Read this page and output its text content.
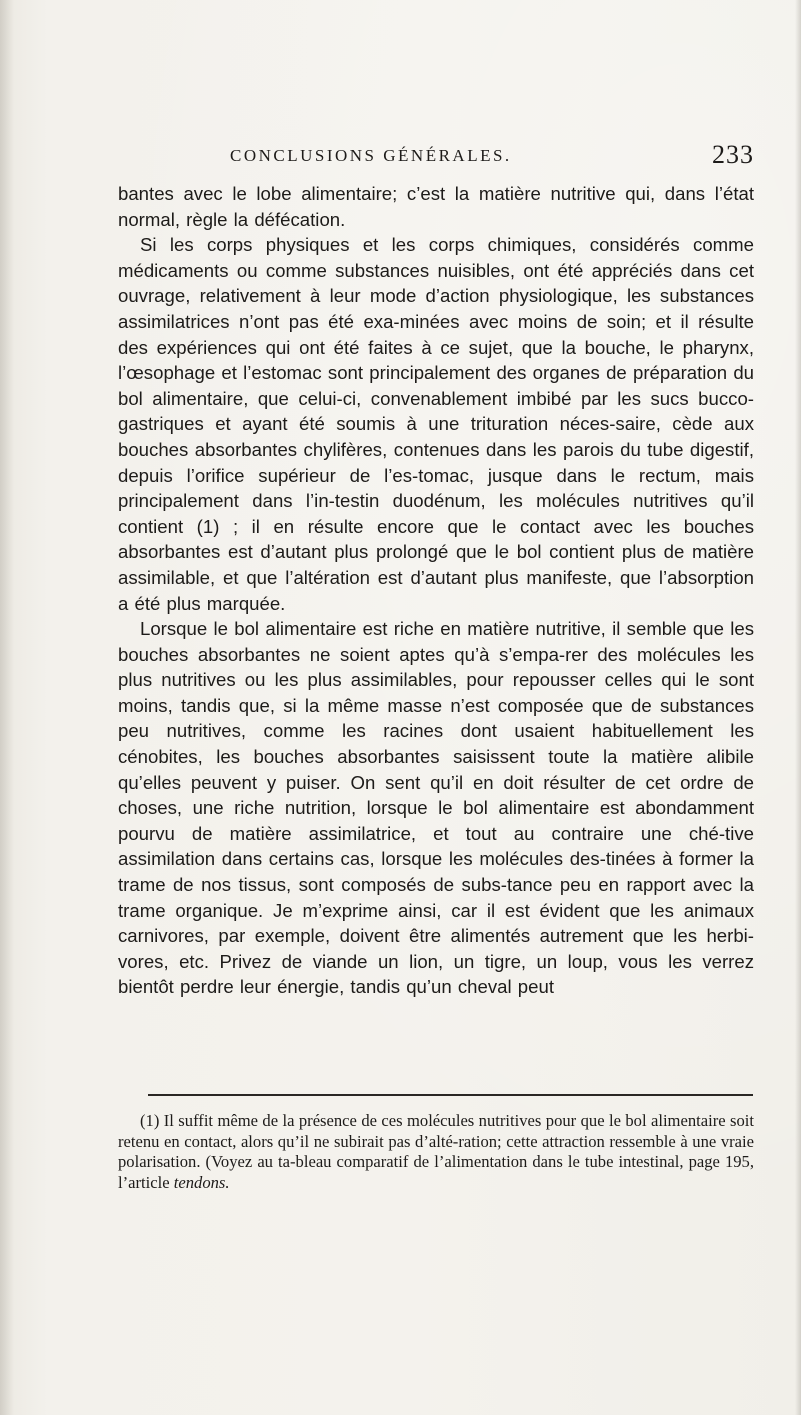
CONCLUSIONS GÉNÉRALES.	233

bantes avec le lobe alimentaire; c’est la matière nutritive qui, dans l’état normal, règle la défécation.

Si les corps physiques et les corps chimiques, considérés comme médicaments ou comme substances nuisibles, ont été appréciés dans cet ouvrage, relativement à leur mode d’action physiologique, les substances assimilatrices n’ont pas été exa-minées avec moins de soin; et il résulte des expériences qui ont été faites à ce sujet, que la bouche, le pharynx, l’œsophage et l’estomac sont principalement des organes de préparation du bol alimentaire, que celui-ci, convenablement imbibé par les sucs bucco-gastriques et ayant été soumis à une trituration néces-saire, cède aux bouches absorbantes chylifères, contenues dans les parois du tube digestif, depuis l’orifice supérieur de l’es-tomac, jusque dans le rectum, mais principalement dans l’in-testin duodénum, les molécules nutritives qu’il contient (1) ; il en résulte encore que le contact avec les bouches absorbantes est d’autant plus prolongé que le bol contient plus de matière assimilable, et que l’altération est d’autant plus manifeste, que l’absorption a été plus marquée.

Lorsque le bol alimentaire est riche en matière nutritive, il semble que les bouches absorbantes ne soient aptes qu’à s’empa-rer des molécules les plus nutritives ou les plus assimilables, pour repousser celles qui le sont moins, tandis que, si la même masse n’est composée que de substances peu nutritives, comme les racines dont usaient habituellement les cénobites, les bouches absorbantes saisissent toute la matière alibile qu’elles peuvent y puiser. On sent qu’il en doit résulter de cet ordre de choses, une riche nutrition, lorsque le bol alimentaire est abondamment pourvu de matière assimilatrice, et tout au contraire une ché-tive assimilation dans certains cas, lorsque les molécules des-tinées à former la trame de nos tissus, sont composés de subs-tance peu en rapport avec la trame organique. Je m’exprime ainsi, car il est évident que les animaux carnivores, par exemple, doivent être alimentés autrement que les herbi-vores, etc. Privez de viande un lion, un tigre, un loup, vous les verrez bientôt perdre leur énergie, tandis qu’un cheval peut

(1) Il suffit même de la présence de ces molécules nutritives pour que le bol alimentaire soit retenu en contact, alors qu’il ne subirait pas d’alté-ration; cette attraction ressemble à une vraie polarisation. (Voyez au ta-bleau comparatif de l’alimentation dans le tube intestinal, page 195, l’article tendons.
